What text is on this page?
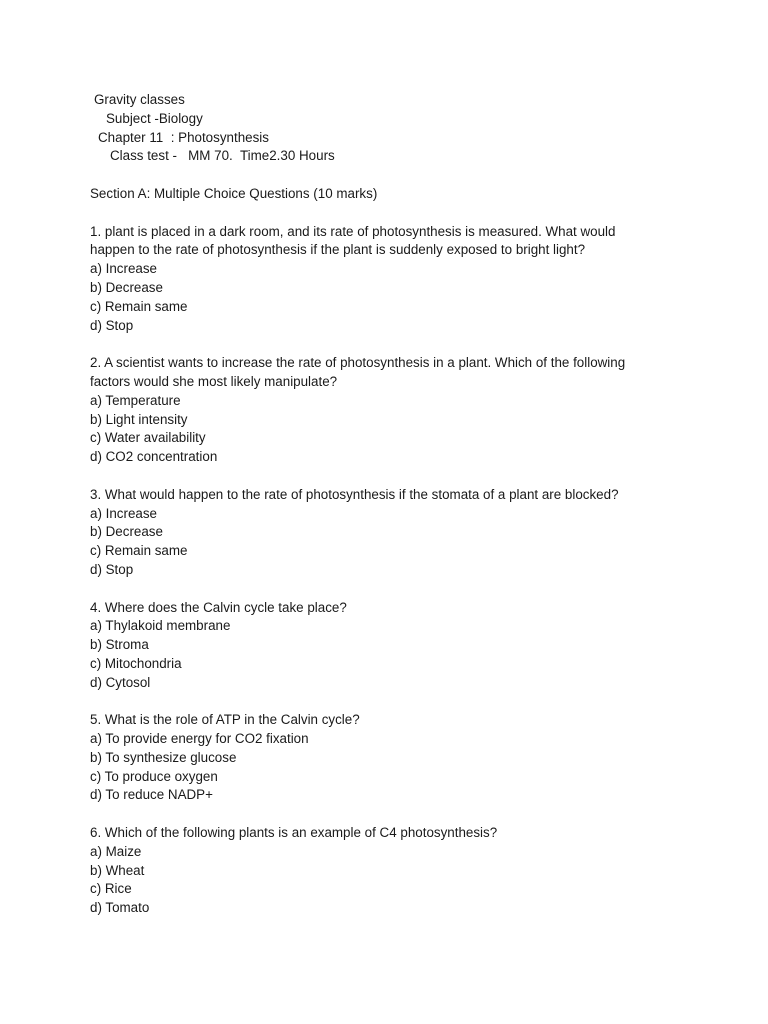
Gravity classes
Subject -Biology
Chapter 11  : Photosynthesis
Class test -   MM 70.  Time2.30 Hours
Section A: Multiple Choice Questions (10 marks)
1. plant is placed in a dark room, and its rate of photosynthesis is measured. What would
happen to the rate of photosynthesis if the plant is suddenly exposed to bright light?
a) Increase
b) Decrease
c) Remain same
d) Stop
2. A scientist wants to increase the rate of photosynthesis in a plant. Which of the following
factors would she most likely manipulate?
a) Temperature
b) Light intensity
c) Water availability
d) CO2 concentration
3. What would happen to the rate of photosynthesis if the stomata of a plant are blocked?
a) Increase
b) Decrease
c) Remain same
d) Stop
4. Where does the Calvin cycle take place?
a) Thylakoid membrane
b) Stroma
c) Mitochondria
d) Cytosol
5. What is the role of ATP in the Calvin cycle?
a) To provide energy for CO2 fixation
b) To synthesize glucose
c) To produce oxygen
d) To reduce NADP+
6. Which of the following plants is an example of C4 photosynthesis?
a) Maize
b) Wheat
c) Rice
d) Tomato
